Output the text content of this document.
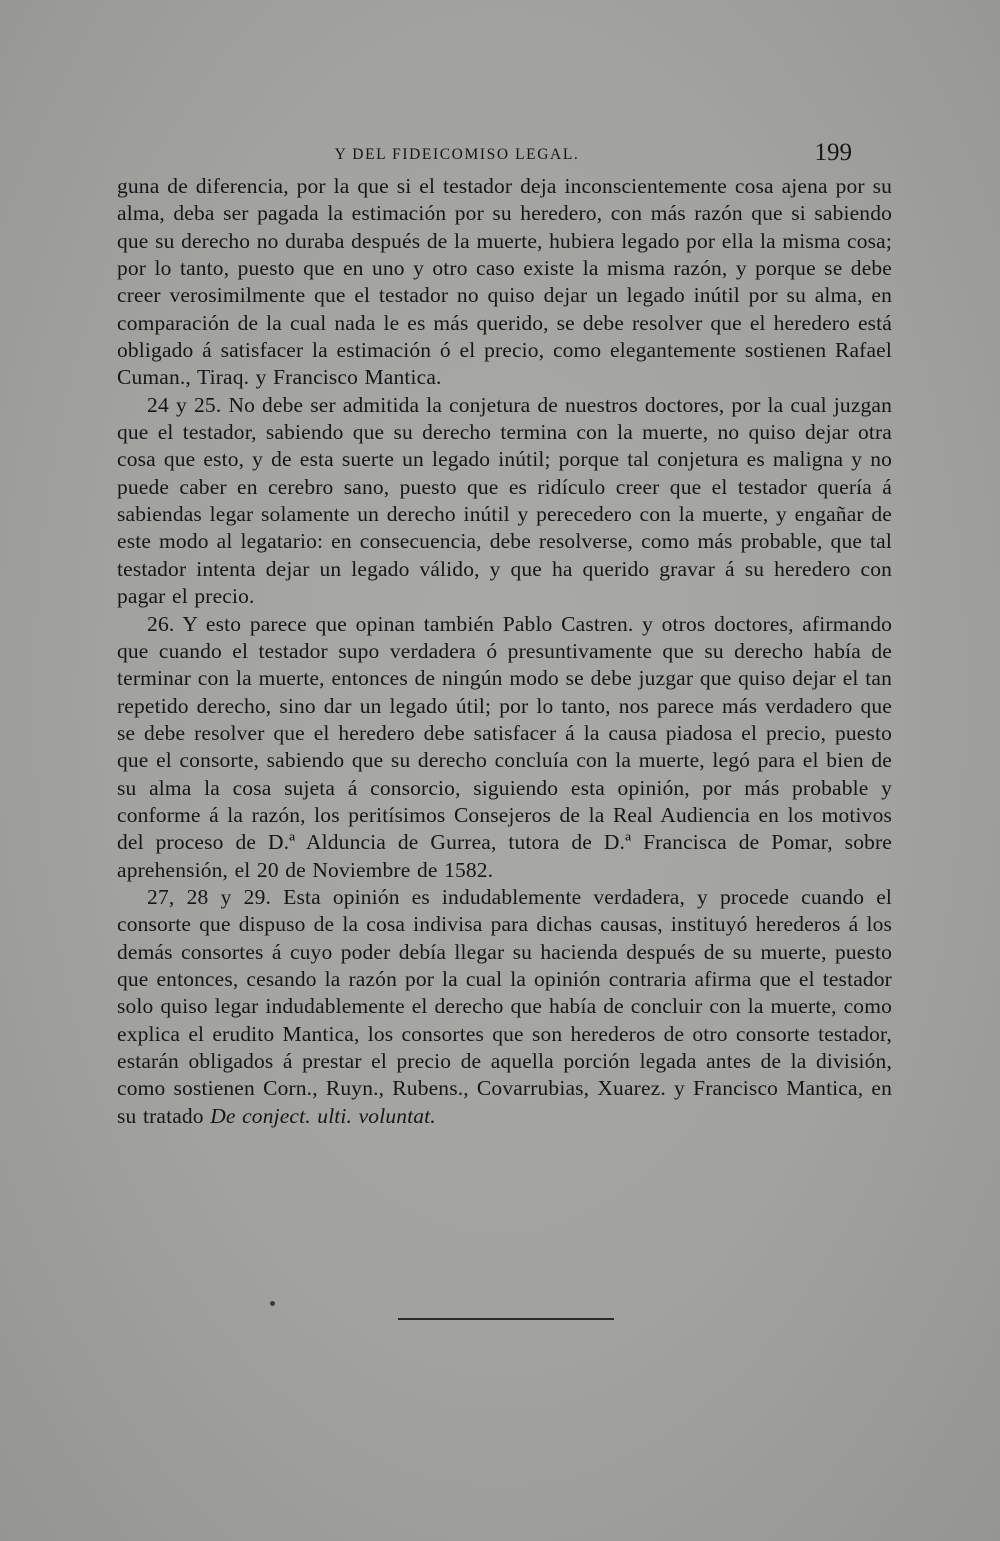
Y DEL FIDEICOMISO LEGAL.	199

guna de diferencia, por la que si el testador deja inconscientemente cosa ajena por su alma, deba ser pagada la estimación por su heredero, con más razón que si sabiendo que su derecho no duraba después de la muerte, hubiera legado por ella la misma cosa; por lo tanto, puesto que en uno y otro caso existe la misma razón, y porque se debe creer verosimilmente que el testador no quiso dejar un legado inútil por su alma, en comparación de la cual nada le es más querido, se debe resolver que el heredero está obligado á satisfacer la estimación ó el precio, como elegantemente sostienen Rafael Cuman., Tiraq. y Francisco Mantica.

24 y 25. No debe ser admitida la conjetura de nuestros doctores, por la cual juzgan que el testador, sabiendo que su derecho termina con la muerte, no quiso dejar otra cosa que esto, y de esta suerte un legado inútil; porque tal conjetura es maligna y no puede caber en cerebro sano, puesto que es ridículo creer que el testador quería á sabiendas legar solamente un derecho inútil y perecedero con la muerte, y engañar de este modo al legatario: en consecuencia, debe resolverse, como más probable, que tal testador intenta dejar un legado válido, y que ha querido gravar á su heredero con pagar el precio.

26. Y esto parece que opinan también Pablo Castren. y otros doctores, afirmando que cuando el testador supo verdadera ó presuntivamente que su derecho había de terminar con la muerte, entonces de ningún modo se debe juzgar que quiso dejar el tan repetido derecho, sino dar un legado útil; por lo tanto, nos parece más verdadero que se debe resolver que el heredero debe satisfacer á la causa piadosa el precio, puesto que el consorte, sabiendo que su derecho concluía con la muerte, legó para el bien de su alma la cosa sujeta á consorcio, siguiendo esta opinión, por más probable y conforme á la razón, los peritísimos Consejeros de la Real Audiencia en los motivos del proceso de D.ª Alduncia de Gurrea, tutora de D.ª Francisca de Pomar, sobre aprehensión, el 20 de Noviembre de 1582.

27, 28 y 29. Esta opinión es indudablemente verdadera, y procede cuando el consorte que dispuso de la cosa indivisa para dichas causas, instituyó herederos á los demás consortes á cuyo poder debía llegar su hacienda después de su muerte, puesto que entonces, cesando la razón por la cual la opinión contraria afirma que el testador solo quiso legar indudablemente el derecho que había de concluir con la muerte, como explica el erudito Mantica, los consortes que son herederos de otro consorte testador, estarán obligados á prestar el precio de aquella porción legada antes de la división, como sostienen Corn., Ruyn., Rubens., Covarrubias, Xuarez. y Francisco Mantica, en su tratado De conject. ulti. voluntat.
